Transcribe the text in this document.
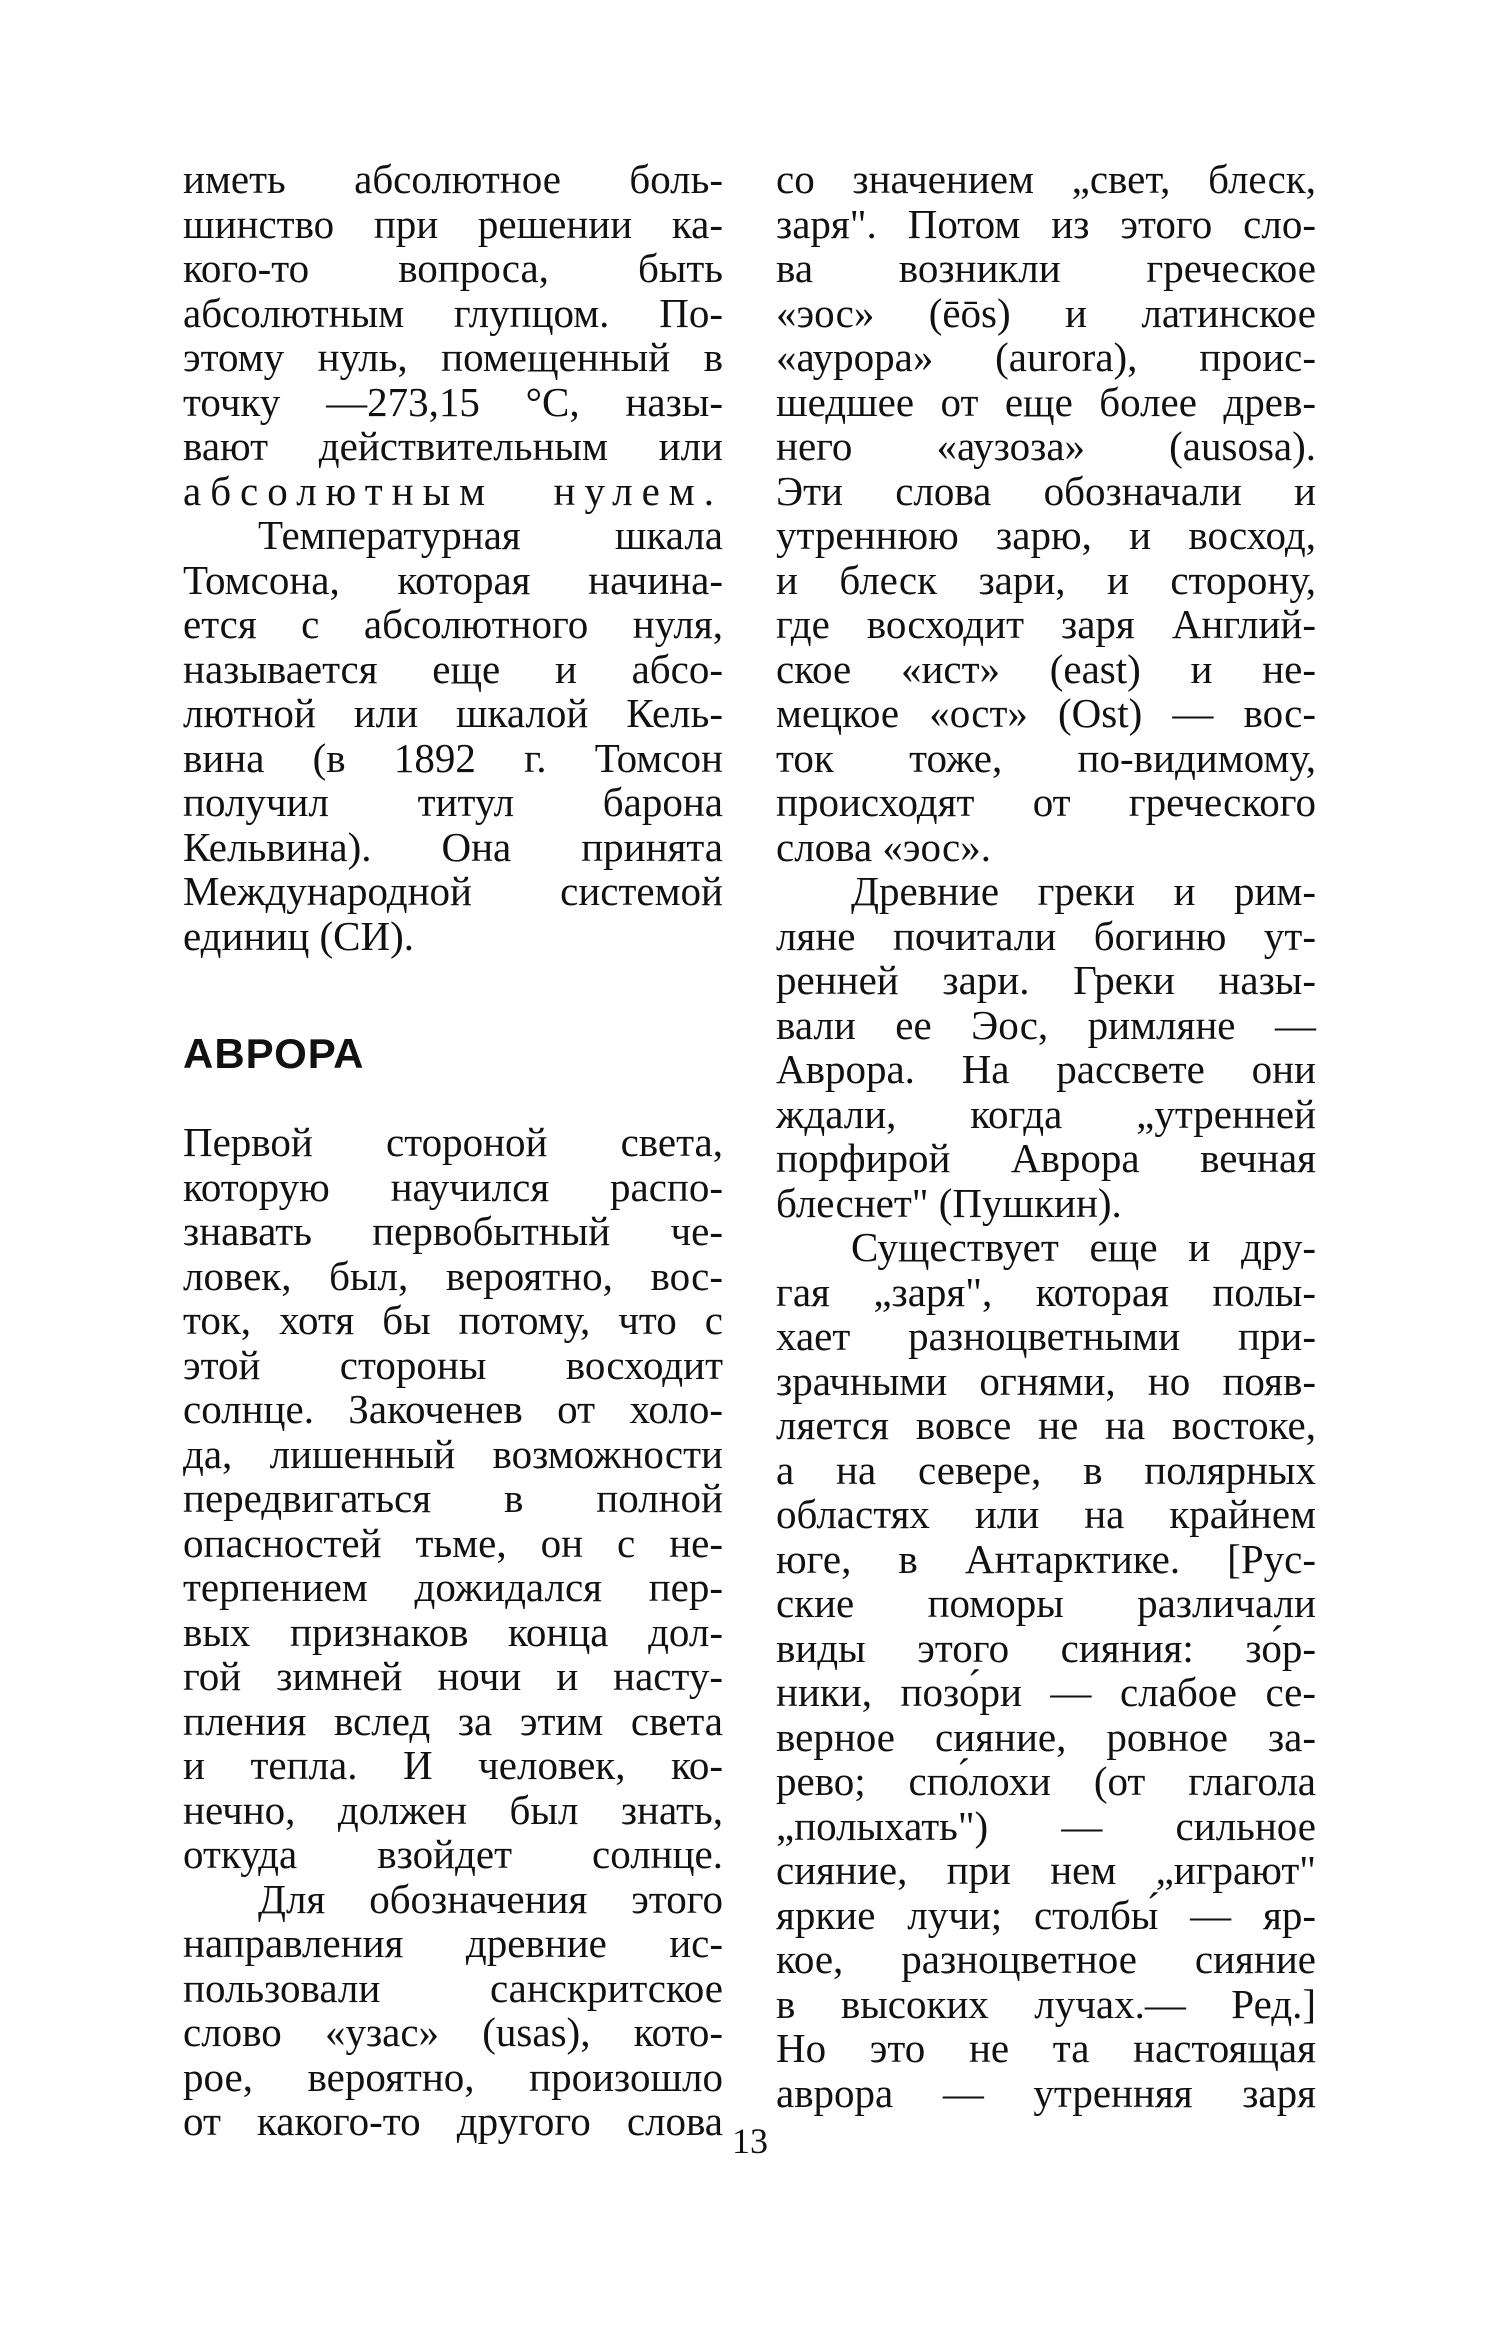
иметь абсолютное боль-
шинство при решении ка-
кого-то вопроса, быть
абсолютным глупцом. По-
этому нуль, помещенный в
точку —273,15 °С, назы-
вают действительным или
абсолютным нулем.
Температурная шкала
Томсона, которая начина-
ется с абсолютного нуля,
называется еще и абсо-
лютной или шкалой Кель-
вина (в 1892 г. Томсон
получил титул барона
Кельвина). Она принята
Международной системой
единиц (СИ).
АВРОРА
Первой стороной света,
которую научился распо-
знавать первобытный че-
ловек, был, вероятно, вос-
ток, хотя бы потому, что с
этой стороны восходит
солнце. Закоченев от холо-
да, лишенный возможности
передвигаться в полной
опасностей тьме, он с не-
терпением дожидался пер-
вых признаков конца дол-
гой зимней ночи и насту-
пления вслед за этим света
и тепла. И человек, ко-
нечно, должен был знать,
откуда взойдет солнце.
Для обозначения этого
направления древние ис-
пользовали санскритское
слово «узас» (usas), кото-
рое, вероятно, произошло
от какого-то другого слова
со значением „свет, блеск,
заря". Потом из этого сло-
ва возникли греческое
«эос» (ēōs) и латинское
«аурора» (aurora), проис-
шедшее от еще более древ-
него «аузоза» (ausosa).
Эти слова обозначали и
утреннюю зарю, и восход,
и блеск зари, и сторону,
где восходит заря Англий-
ское «ист» (east) и не-
мецкое «ост» (Ost) — вос-
ток тоже, по-видимому,
происходят от греческого
слова «эос».
Древние греки и рим-
ляне почитали богиню ут-
ренней зари. Греки назы-
вали ее Эос, римляне —
Аврора. На рассвете они
ждали, когда „утренней
порфирой Аврора вечная
блеснет" (Пушкин).
Существует еще и дру-
гая „заря", которая полы-
хает разноцветными при-
зрачными огнями, но появ-
ляется вовсе не на востоке,
а на севере, в полярных
областях или на крайнем
юге, в Антарктике. [Рус-
ские поморы различали
виды этого сияния: зо́р-
ники, позо́ри — слабое се-
верное сияние, ровное за-
рево; спо́лохи (от глагола
„полыхать") — сильное
сияние, при нем „играют"
яркие лучи; столбы́ — яр-
кое, разноцветное сияние
в высоких лучах.— Ред.]
Но это не та настоящая
аврора — утренняя заря
13
